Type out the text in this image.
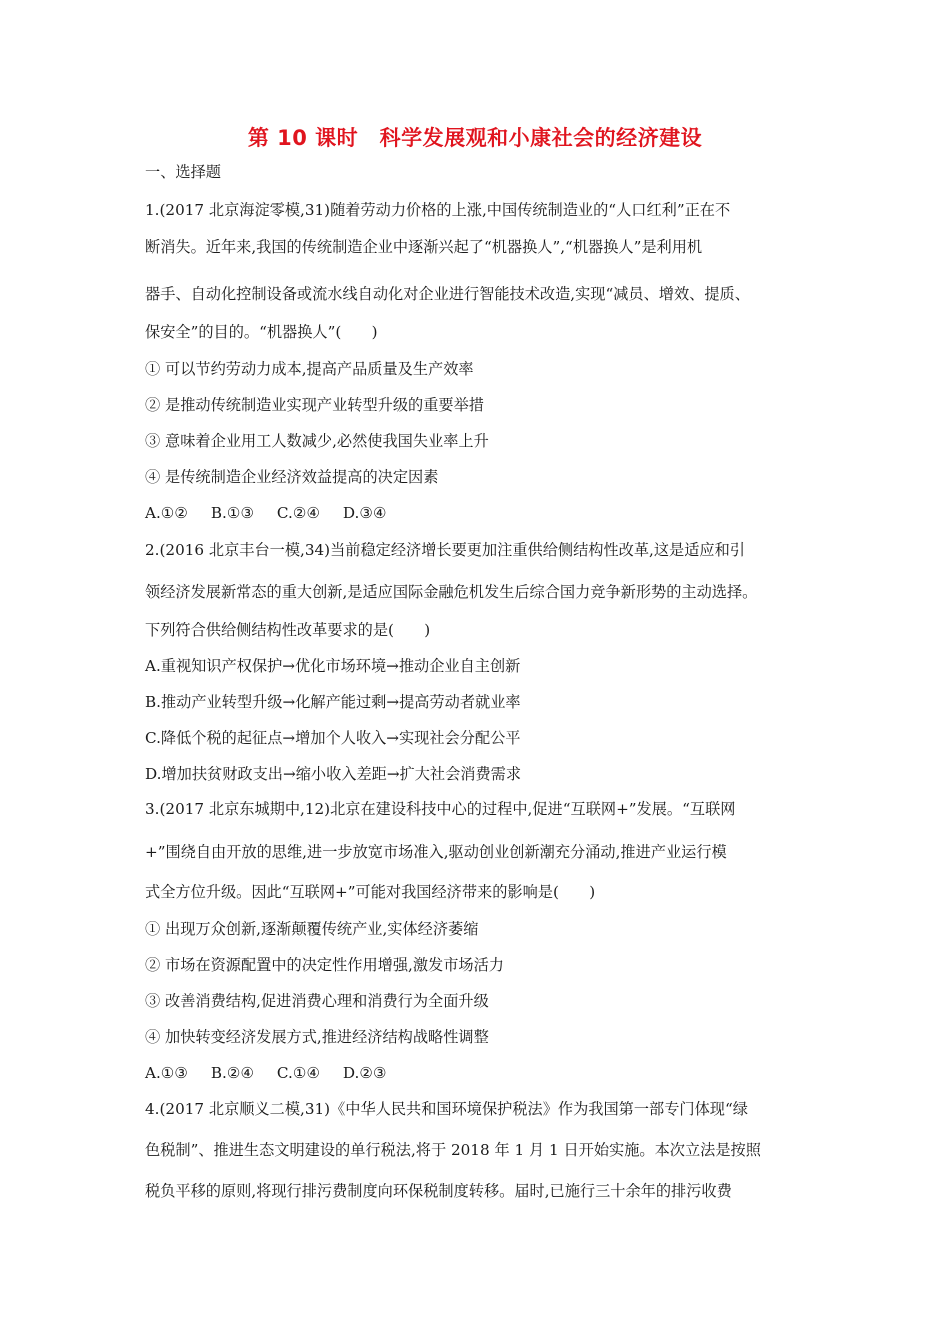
第 10 课时　科学发展观和小康社会的经济建设
一、选择题
1.(2017 北京海淀零模,31)随着劳动力价格的上涨,中国传统制造业的“人口红利”正在不
断消失。近年来,我国的传统制造企业中逐渐兴起了“机器换人”,“机器换人”是利用机
器手、自动化控制设备或流水线自动化对企业进行智能技术改造,实现“减员、增效、提质、
保安全”的目的。“机器换人”(　　)
① 可以节约劳动力成本,提高产品质量及生产效率
② 是推动传统制造业实现产业转型升级的重要举措
③ 意味着企业用工人数减少,必然使我国失业率上升
④ 是传统制造企业经济效益提高的决定因素
A.①② B.①③ C.②④ D.③④
2.(2016 北京丰台一模,34)当前稳定经济增长要更加注重供给侧结构性改革,这是适应和引
领经济发展新常态的重大创新,是适应国际金融危机发生后综合国力竞争新形势的主动选择。
下列符合供给侧结构性改革要求的是(　　)
A.重视知识产权保护→优化市场环境→推动企业自主创新
B.推动产业转型升级→化解产能过剩→提高劳动者就业率
C.降低个税的起征点→增加个人收入→实现社会分配公平
D.增加扶贫财政支出→缩小收入差距→扩大社会消费需求
3.(2017 北京东城期中,12)北京在建设科技中心的过程中,促进“互联网+”发展。“互联网
+”围绕自由开放的思维,进一步放宽市场准入,驱动创业创新潮充分涌动,推进产业运行模
式全方位升级。因此“互联网+”可能对我国经济带来的影响是(　　)
① 出现万众创新,逐渐颠覆传统产业,实体经济萎缩
② 市场在资源配置中的决定性作用增强,激发市场活力
③ 改善消费结构,促进消费心理和消费行为全面升级
④ 加快转变经济发展方式,推进经济结构战略性调整
A.①③ B.②④ C.①④ D.②③
4.(2017 北京顺义二模,31)《中华人民共和国环境保护税法》作为我国第一部专门体现“绿
色税制”、推进生态文明建设的单行税法,将于 2018 年 1 月 1 日开始实施。本次立法是按照
税负平移的原则,将现行排污费制度向环保税制度转移。届时,已施行三十余年的排污收费
